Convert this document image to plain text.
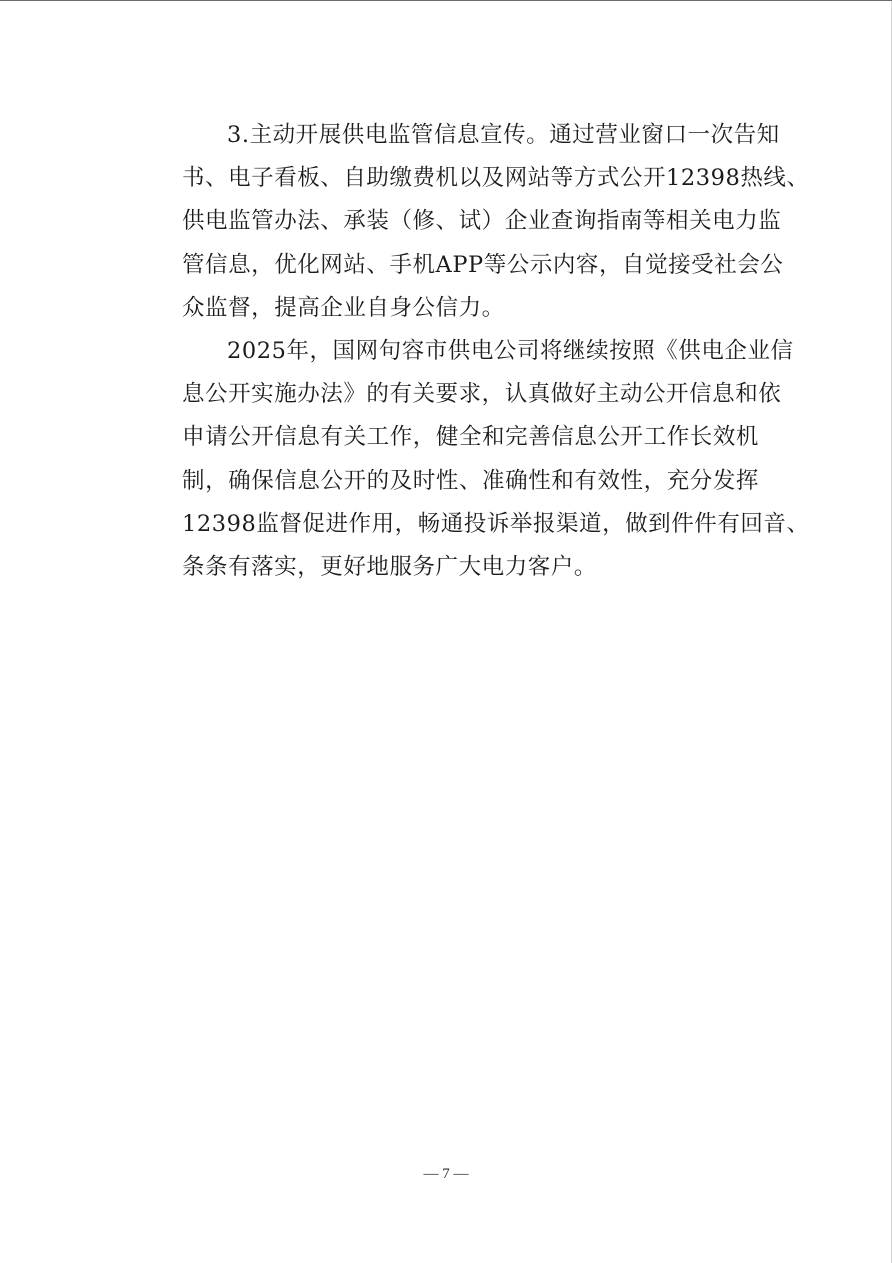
3.主动开展供电监管信息宣传。通过营业窗口一次告知
书、电子看板、自助缴费机以及网站等方式公开12398热线、
供电监管办法、承装（修、试）企业查询指南等相关电力监
管信息，优化网站、手机APP等公示内容，自觉接受社会公
众监督，提高企业自身公信力。
2025年，国网句容市供电公司将继续按照《供电企业信
息公开实施办法》的有关要求，认真做好主动公开信息和依
申请公开信息有关工作，健全和完善信息公开工作长效机
制，确保信息公开的及时性、准确性和有效性，充分发挥
12398监督促进作用，畅通投诉举报渠道，做到件件有回音、
条条有落实，更好地服务广大电力客户。
— 7 —
